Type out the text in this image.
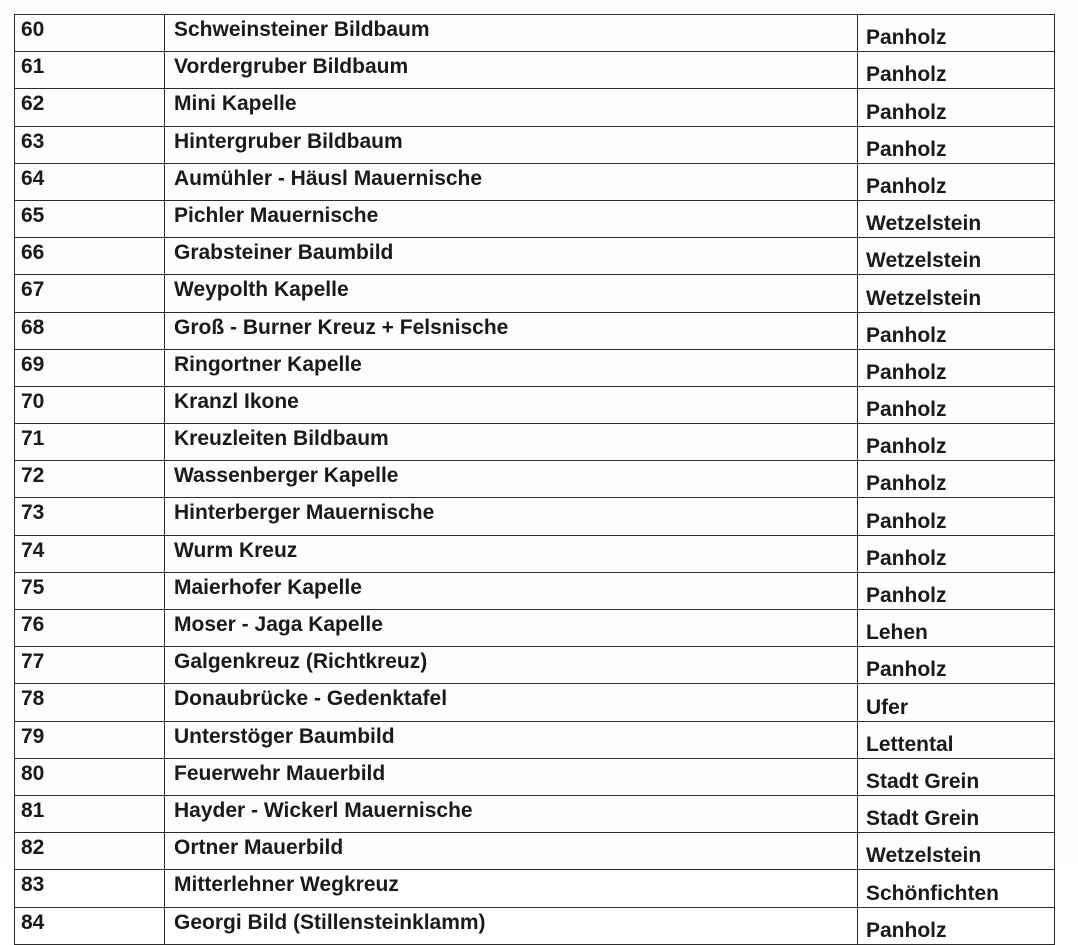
60	Schweinsteiner Bildbaum	Panholz
61	Vordergruber Bildbaum	Panholz
62	Mini Kapelle	Panholz
63	Hintergruber Bildbaum	Panholz
64	Aumühler - Häusl Mauernische	Panholz
65	Pichler Mauernische	Wetzelstein
66	Grabsteiner Baumbild	Wetzelstein
67	Weypolth Kapelle	Wetzelstein
68	Groß - Burner Kreuz + Felsnische	Panholz
69	Ringortner Kapelle	Panholz
70	Kranzl Ikone	Panholz
71	Kreuzleiten Bildbaum	Panholz
72	Wassenberger Kapelle	Panholz
73	Hinterberger Mauernische	Panholz
74	Wurm Kreuz	Panholz
75	Maierhofer Kapelle	Panholz
76	Moser - Jaga Kapelle	Lehen
77	Galgenkreuz (Richtkreuz)	Panholz
78	Donaubrücke - Gedenktafel	Ufer
79	Unterstöger Baumbild	Lettental
80	Feuerwehr Mauerbild	Stadt Grein
81	Hayder - Wickerl Mauernische	Stadt Grein
82	Ortner Mauerbild	Wetzelstein
83	Mitterlehner Wegkreuz	Schönfichten
84	Georgi Bild (Stillensteinklamm)	Panholz
